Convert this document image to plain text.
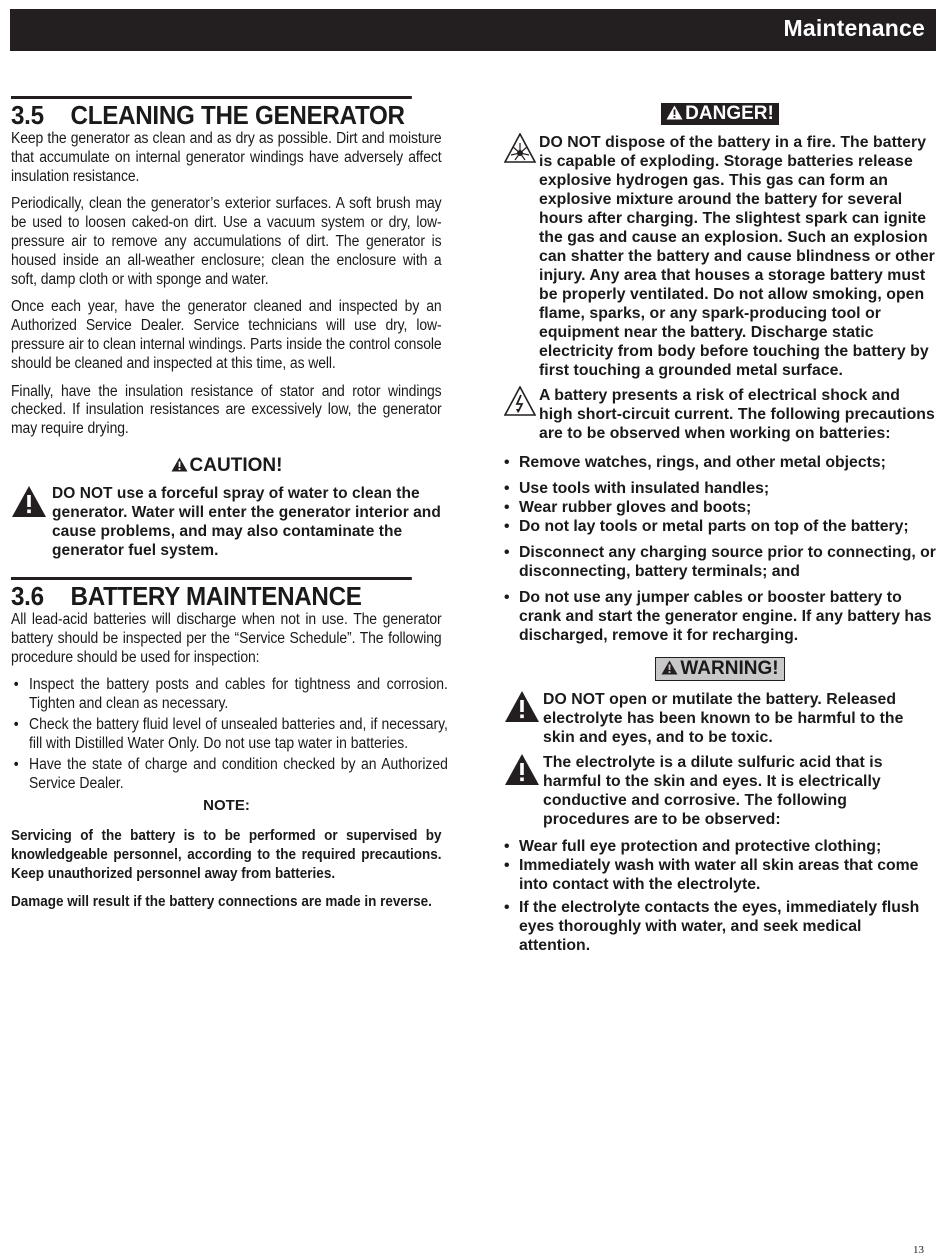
Maintenance
3.5 CLEANING THE GENERATOR

Keep the generator as clean and as dry as possible. Dirt and moisture that accumulate on internal generator windings have adversely affect insulation resistance.

Periodically, clean the generator’s exterior surfaces. A soft brush may be used to loosen caked-on dirt. Use a vacuum system or dry, low-pressure air to remove any accumulations of dirt. The generator is housed inside an all-weather enclosure; clean the enclosure with a soft, damp cloth or with sponge and water.

Once each year, have the generator cleaned and inspected by an Authorized Service Dealer. Service technicians will use dry, low-pressure air to clean internal windings. Parts inside the control console should be cleaned and inspected at this time, as well.

Finally, have the insulation resistance of stator and rotor windings checked. If insulation resistances are excessively low, the generator may require drying.

CAUTION!

DO NOT use a forceful spray of water to clean the generator. Water will enter the generator interior and cause problems, and may also contaminate the generator fuel system.

3.6 BATTERY MAINTENANCE

All lead-acid batteries will discharge when not in use. The generator battery should be inspected per the “Service Schedule”. The following procedure should be used for inspection:

• Inspect the battery posts and cables for tightness and corrosion. Tighten and clean as necessary.
• Check the battery fluid level of unsealed batteries and, if necessary, fill with Distilled Water Only. Do not use tap water in batteries.
• Have the state of charge and condition checked by an Authorized Service Dealer.
NOTE:

Servicing of the battery is to be performed or supervised by knowledgeable personnel, according to the required precautions. Keep unauthorized personnel away from batteries.

Damage will result if the battery connections are made in reverse.

DANGER!

DO NOT dispose of the battery in a fire. The battery is capable of exploding. Storage batteries release explosive hydrogen gas. This gas can form an explosive mixture around the battery for several hours after charging. The slightest spark can ignite the gas and cause an explosion. Such an explosion can shatter the battery and cause blindness or other injury. Any area that houses a storage battery must be properly ventilated. Do not allow smoking, open flame, sparks, or any spark-producing tool or equipment near the battery. Discharge static electricity from body before touching the battery by first touching a grounded metal surface.

A battery presents a risk of electrical shock and high short-circuit current. The following precautions are to be observed when working on batteries:

• Remove watches, rings, and other metal objects;
• Use tools with insulated handles;
• Wear rubber gloves and boots;
• Do not lay tools or metal parts on top of the battery;
• Disconnect any charging source prior to connecting, or disconnecting, battery terminals; and
• Do not use any jumper cables or booster battery to crank and start the generator engine. If any battery has discharged, remove it for recharging.
WARNING!

DO NOT open or mutilate the battery. Released electrolyte has been known to be harmful to the skin and eyes, and to be toxic.

The electrolyte is a dilute sulfuric acid that is harmful to the skin and eyes. It is electrically conductive and corrosive. The following procedures are to be observed:

• Wear full eye protection and protective clothing;
• Immediately wash with water all skin areas that come into contact with the electrolyte.
• If the electrolyte contacts the eyes, immediately flush eyes thoroughly with water, and seek medical attention.
13
